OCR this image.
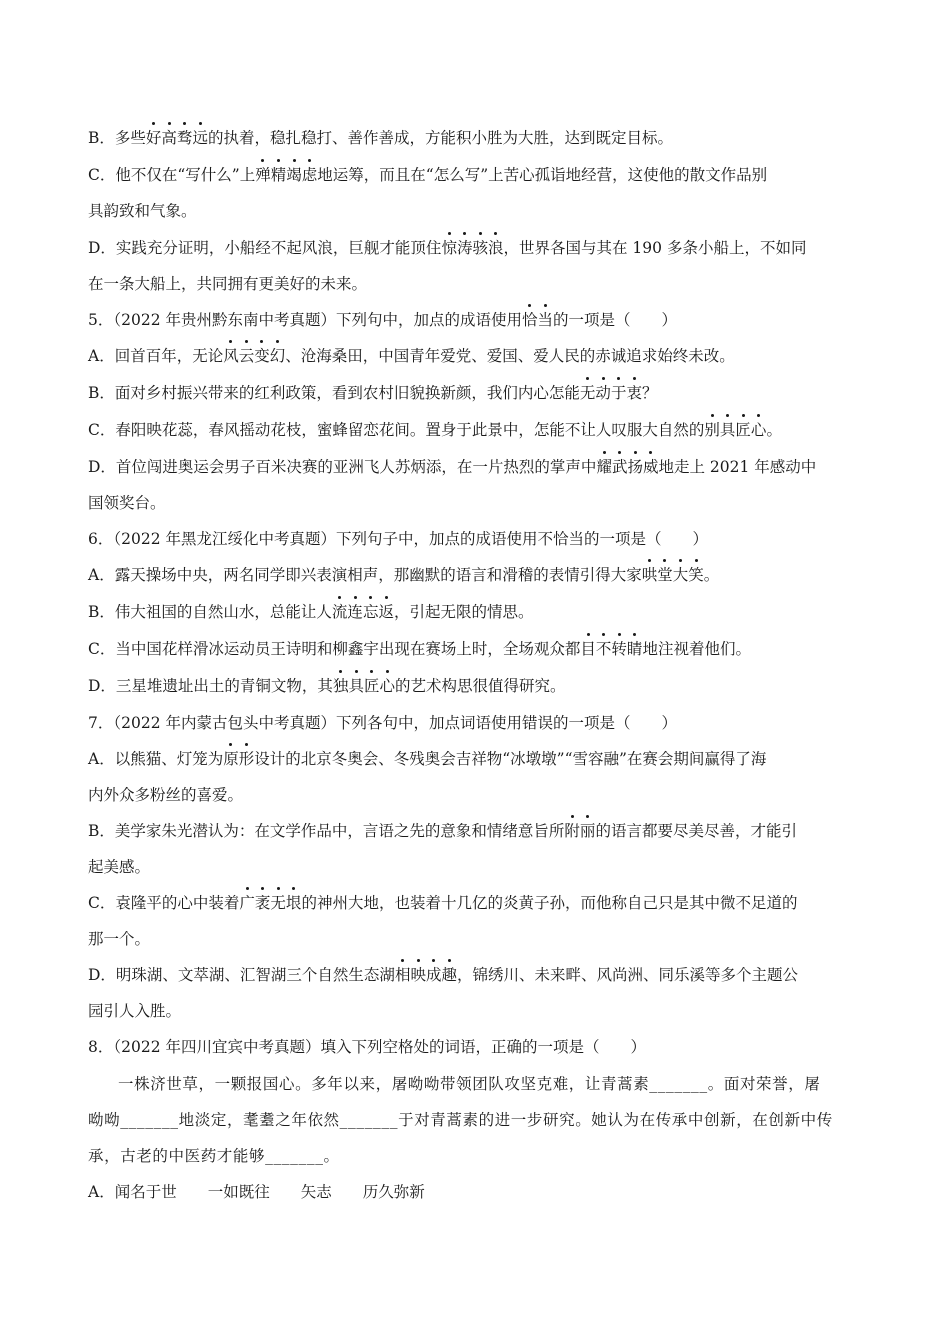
B．多些好高骛远的执着，稳扎稳打、善作善成，方能积小胜为大胜，达到既定目标。
C．他不仅在“写什么”上殚精竭虑地运筹，而且在“怎么写”上苦心孤诣地经营，这使他的散文作品别
具韵致和气象。
D．实践充分证明，小船经不起风浪，巨舰才能顶住惊涛骇浪，世界各国与其在 190 多条小船上，不如同
在一条大船上，共同拥有更美好的未来。
5．（2022 年贵州黔东南中考真题）下列句中，加点的成语使用恰当的一项是（　　）
A．回首百年，无论风云变幻、沧海桑田，中国青年爱党、爱国、爱人民的赤诚追求始终未改。
B．面对乡村振兴带来的红利政策，看到农村旧貌换新颜，我们内心怎能无动于衷？
C．春阳映花蕊，春风摇动花枝，蜜蜂留恋花间。置身于此景中，怎能不让人叹服大自然的别具匠心。
D．首位闯进奥运会男子百米决赛的亚洲飞人苏炳添，在一片热烈的掌声中耀武扬威地走上 2021 年感动中
国领奖台。
6．（2022 年黑龙江绥化中考真题）下列句子中，加点的成语使用不恰当的一项是（　　）
A．露天操场中央，两名同学即兴表演相声，那幽默的语言和滑稽的表情引得大家哄堂大笑。
B．伟大祖国的自然山水，总能让人流连忘返，引起无限的情思。
C．当中国花样滑冰运动员王诗明和柳鑫宇出现在赛场上时，全场观众都目不转睛地注视着他们。
D．三星堆遗址出土的青铜文物，其独具匠心的艺术构思很值得研究。
7．（2022 年内蒙古包头中考真题）下列各句中，加点词语使用错误的一项是（　　）
A．以熊猫、灯笼为原形设计的北京冬奥会、冬残奥会吉祥物“冰墩墩”“雪容融”在赛会期间赢得了海
内外众多粉丝的喜爱。
B．美学家朱光潜认为：在文学作品中，言语之先的意象和情绪意旨所附丽的语言都要尽美尽善，才能引
起美感。
C．袁隆平的心中装着广袤无垠的神州大地，也装着十几亿的炎黄子孙，而他称自己只是其中微不足道的
那一个。
D．明珠湖、文萃湖、汇智湖三个自然生态湖相映成趣，锦绣川、未来畔、风尚洲、同乐溪等多个主题公
园引人入胜。
8．（2022 年四川宜宾中考真题）填入下列空格处的词语，正确的一项是（　　）
一株济世草，一颗报国心。多年以来，屠呦呦带领团队攻坚克难，让青蒿素_______。面对荣誉，屠
呦呦_______地淡定，耄耋之年依然_______于对青蒿素的进一步研究。她认为在传承中创新，在创新中传
承，古老的中医药才能够_______。
A．闻名于世　　一如既往　　矢志　　历久弥新
